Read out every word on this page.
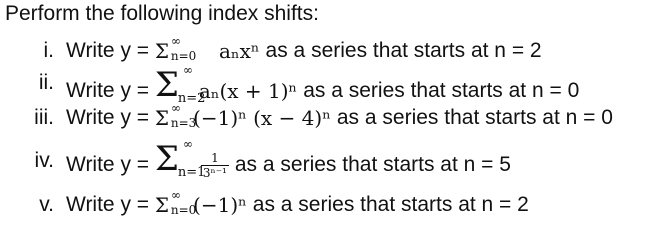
Perform the following index shifts:
i. Write y =
Σ ∞
n=0 aₙxⁿ as a series that starts at n = 2
ii. Write y =
Σ ∞
n=2
aₙ(x + 1)ⁿ as a series that starts at n = 0
iii. Write y =
Σ ∞
n=3
(−1)ⁿ (x − 4)ⁿ as a series that starts at n = 0
iv. Write y =
Σ ∞
n=1
$\frac{1}{\text{3ⁿ⁻¹}}$ as a series that starts at n = 5
v. Write y =
Σ ∞
n=0
(−1)ⁿ as a series that starts at n = 2
